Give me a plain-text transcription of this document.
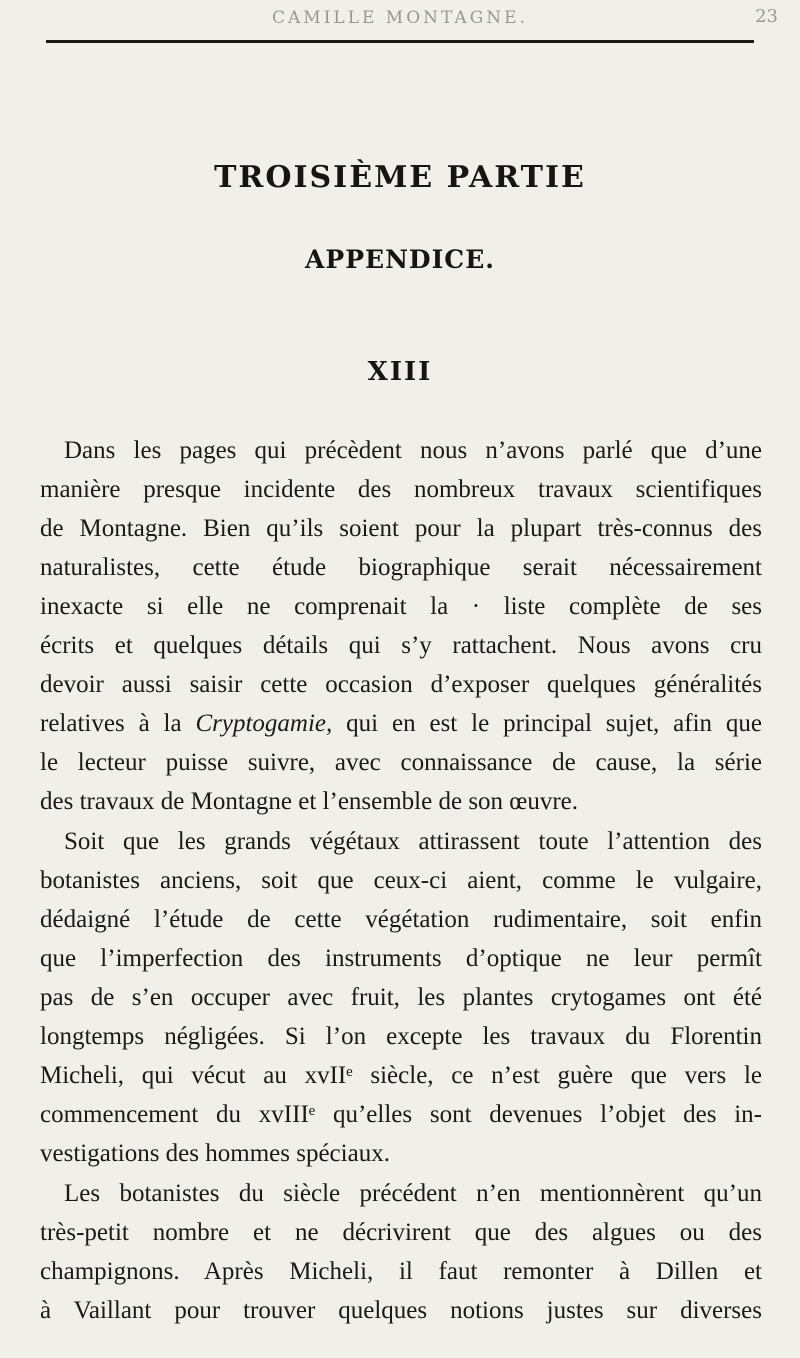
CAMILLE MONTAGNE.	23
TROISIÈME PARTIE
APPENDICE.
XIII
Dans les pages qui précèdent nous n’avons parlé que d’une
manière presque incidente des nombreux travaux scientifiques
de Montagne. Bien qu’ils soient pour la plupart très-connus des
naturalistes, cette étude biographique serait nécessairement
inexacte si elle ne comprenait la · liste complète de ses
écrits et quelques détails qui s’y rattachent. Nous avons cru
devoir aussi saisir cette occasion d’exposer quelques généralités
relatives à la Cryptogamie, qui en est le principal sujet, afin que
le lecteur puisse suivre, avec connaissance de cause, la série
des travaux de Montagne et l’ensemble de son œuvre.
Soit que les grands végétaux attirassent toute l’attention des
botanistes anciens, soit que ceux-ci aient, comme le vulgaire,
dédaigné l’étude de cette végétation rudimentaire, soit enfin
que l’imperfection des instruments d’optique ne leur permît
pas de s’en occuper avec fruit, les plantes crytogames ont été
longtemps négligées. Si l’on excepte les travaux du Florentin
Micheli, qui vécut au xvIIᵉ siècle, ce n’est guère que vers le
commencement du xvIIIᵉ qu’elles sont devenues l’objet des in-
vestigations des hommes spéciaux.
Les botanistes du siècle précédent n’en mentionnèrent qu’un
très-petit nombre et ne décrivirent que des algues ou des
champignons. Après Micheli, il faut remonter à Dillen et
à Vaillant pour trouver quelques notions justes sur diverses
